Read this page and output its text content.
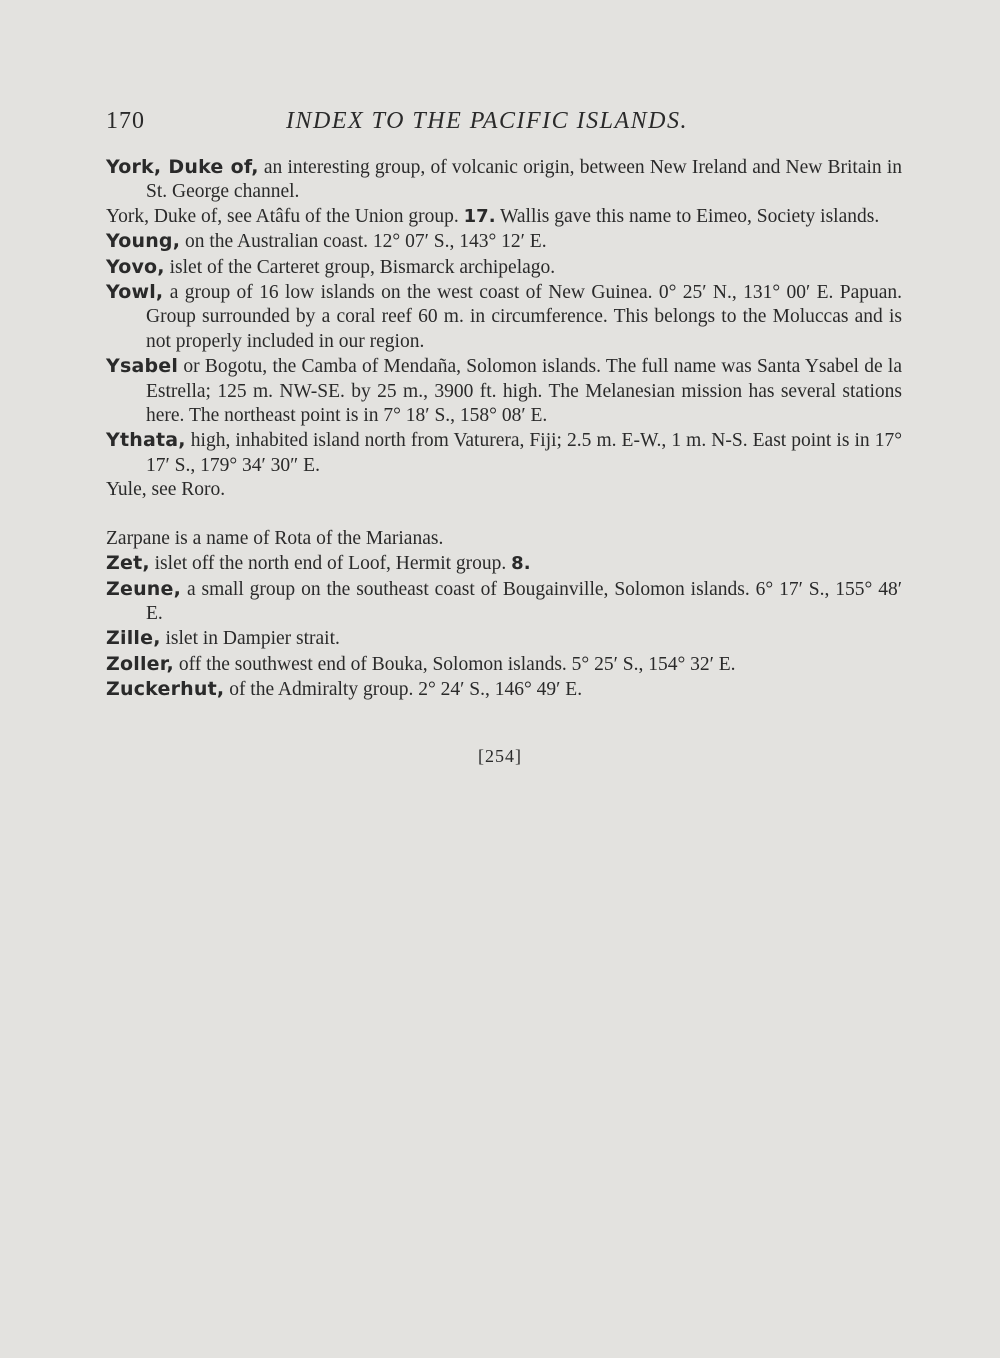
170	INDEX TO THE PACIFIC ISLANDS.

York, Duke of, an interesting group, of volcanic origin, between New Ireland and New Britain in St. George channel.

York, Duke of, see Atâfu of the Union group. 17. Wallis gave this name to Eimeo, Society islands.

Young, on the Australian coast. 12° 07′ S., 143° 12′ E.

Yovo, islet of the Carteret group, Bismarck archipelago.

Yowl, a group of 16 low islands on the west coast of New Guinea. 0° 25′ N., 131° 00′ E. Papuan. Group surrounded by a coral reef 60 m. in circumference. This belongs to the Moluccas and is not properly included in our region.

Ysabel or Bogotu, the Camba of Mendaña, Solomon islands. The full name was Santa Ysabel de la Estrella; 125 m. NW-SE. by 25 m., 3900 ft. high. The Melanesian mission has several stations here. The northeast point is in 7° 18′ S., 158° 08′ E.

Ythata, high, inhabited island north from Vaturera, Fiji; 2.5 m. E-W., 1 m. N-S. East point is in 17° 17′ S., 179° 34′ 30″ E.

Yule, see Roro.

Zarpane is a name of Rota of the Marianas.

Zet, islet off the north end of Loof, Hermit group. 8.

Zeune, a small group on the southeast coast of Bougainville, Solomon islands. 6° 17′ S., 155° 48′ E.

Zille, islet in Dampier strait.

Zoller, off the southwest end of Bouka, Solomon islands. 5° 25′ S., 154° 32′ E.

Zuckerhut, of the Admiralty group. 2° 24′ S., 146° 49′ E.

[254]
